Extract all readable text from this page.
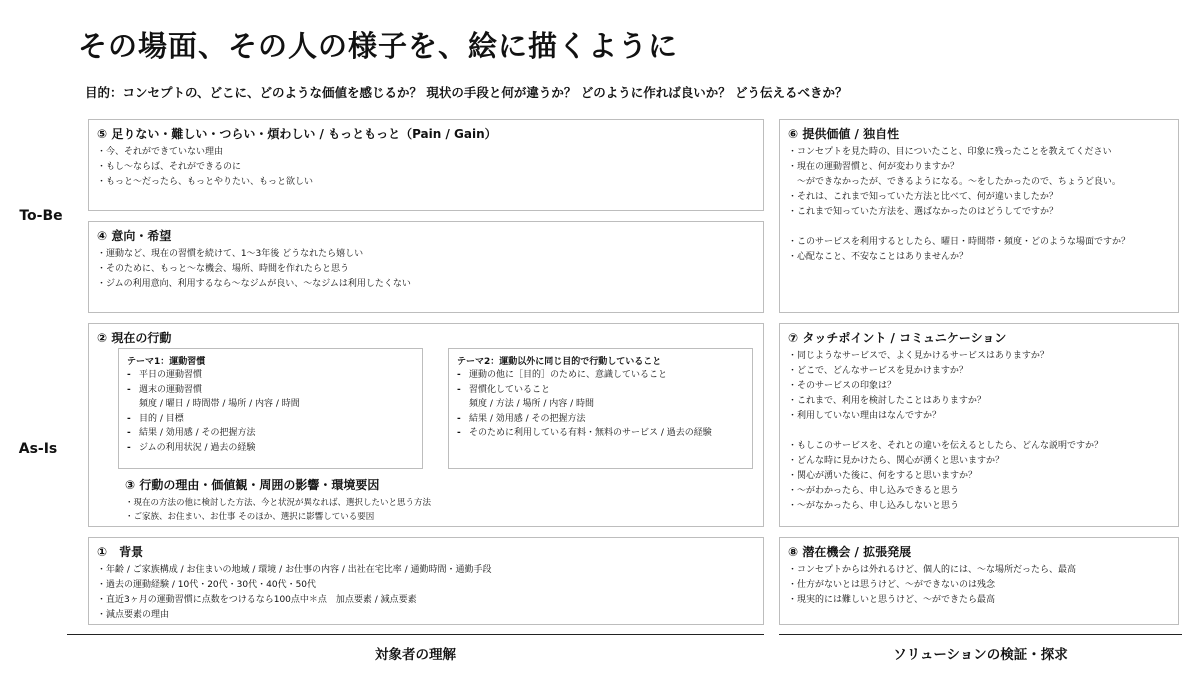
その場面、その人の様子を、絵に描くように
目的：コンセプトの、どこに、どのような価値を感じるか？ 現状の手段と何が違うか？ どのように作れば良いか？ どう伝えるべきか？
To-Be
As-Is
⑤ 足りない・難しい・つらい・煩わしい / もっともっと（Pain / Gain）
・今、それができていない理由
・もし〜ならば、それができるのに
・もっと〜だったら、もっとやりたい、もっと欲しい
④ 意向・希望
・運動など、現在の習慣を続けて、1〜3年後 どうなれたら嬉しい
・そのために、もっと〜な機会、場所、時間を作れたらと思う
・ジムの利用意向、利用するなら〜なジムが良い、〜なジムは利用したくない
② 現在の行動
テーマ1：運動習慣
- 平日の運動習慣
- 週末の運動習慣
頻度 / 曜日 / 時間帯 / 場所 / 内容 / 時間
- 目的 / 目標
- 結果 / 効用感 / その把握方法
- ジムの利用状況 / 過去の経験
テーマ2：運動以外に同じ目的で行動していること
- 運動の他に［目的］のために、意識していること
- 習慣化していること
頻度 / 方法 / 場所 / 内容 / 時間
- 結果 / 効用感 / その把握方法
- そのために利用している有料・無料のサービス / 過去の経験
③ 行動の理由・価値観・周囲の影響・環境要因
・現在の方法の他に検討した方法、今と状況が異なれば、選択したいと思う方法
・ご家族、お住まい、お仕事 そのほか、選択に影響している要因
①　背景
・年齢 / ご家族構成 / お住まいの地域 / 環境 / お仕事の内容 / 出社在宅比率 / 通勤時間・通勤手段
・過去の運動経験 / 10代・20代・30代・40代・50代
・直近3ヶ月の運動習慣に点数をつけるなら100点中＊点　加点要素 / 減点要素
・減点要素の理由
⑥ 提供価値 / 独自性
・コンセプトを見た時の、目についたこと、印象に残ったことを教えてください
・現在の運動習慣と、何が変わりますか？
〜ができなかったが、できるようになる。〜をしたかったので、ちょうど良い。
・それは、これまで知っていた方法と比べて、何が違いましたか？
・これまで知っていた方法を、選ばなかったのはどうしてですか？
・このサービスを利用するとしたら、曜日・時間帯・頻度・どのような場面ですか？
・心配なこと、不安なことはありませんか？
⑦ タッチポイント / コミュニケーション
・同じようなサービスで、よく見かけるサービスはありますか？
・どこで、どんなサービスを見かけますか？
・そのサービスの印象は？
・これまで、利用を検討したことはありますか？
・利用していない理由はなんですか？
・もしこのサービスを、それとの違いを伝えるとしたら、どんな説明ですか？
・どんな時に見かけたら、関心が湧くと思いますか？
・関心が湧いた後に、何をすると思いますか？
・〜がわかったら、申し込みできると思う
・〜がなかったら、申し込みしないと思う
⑧ 潜在機会 / 拡張発展
・コンセプトからは外れるけど、個人的には、〜な場所だったら、最高
・仕方がないとは思うけど、〜ができないのは残念
・現実的には難しいと思うけど、〜ができたら最高
対象者の理解	ソリューションの検証・探求
